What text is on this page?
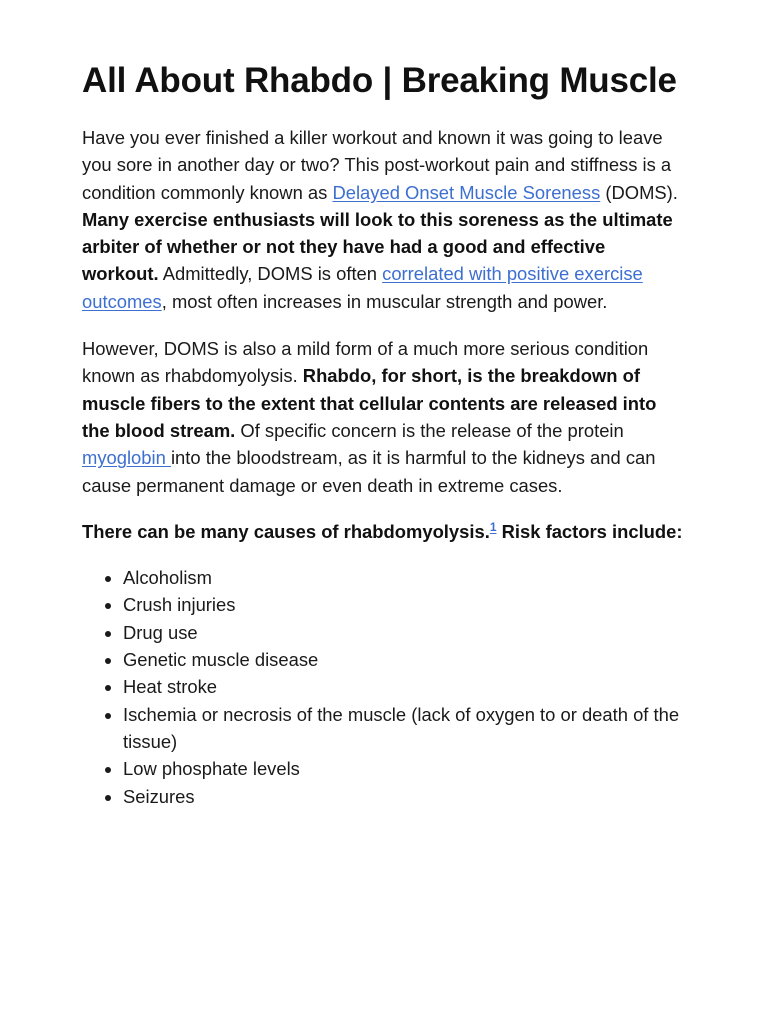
All About Rhabdo | Breaking Muscle

Have you ever finished a killer workout and known it was going to leave you sore in another day or two? This post-workout pain and stiffness is a condition commonly known as Delayed Onset Muscle Soreness (DOMS). Many exercise enthusiasts will look to this soreness as the ultimate arbiter of whether or not they have had a good and effective workout. Admittedly, DOMS is often correlated with positive exercise outcomes, most often increases in muscular strength and power.

However, DOMS is also a mild form of a much more serious condition known as rhabdomyolysis. Rhabdo, for short, is the breakdown of muscle fibers to the extent that cellular contents are released into the blood stream. Of specific concern is the release of the protein myoglobin into the bloodstream, as it is harmful to the kidneys and can cause permanent damage or even death in extreme cases.

There can be many causes of rhabdomyolysis.$^1$ Risk factors include:

• Alcoholism
• Crush injuries
• Drug use
• Genetic muscle disease
• Heat stroke
• Ischemia or necrosis of the muscle (lack of oxygen to or death of the tissue)
• Low phosphate levels
• Seizures
